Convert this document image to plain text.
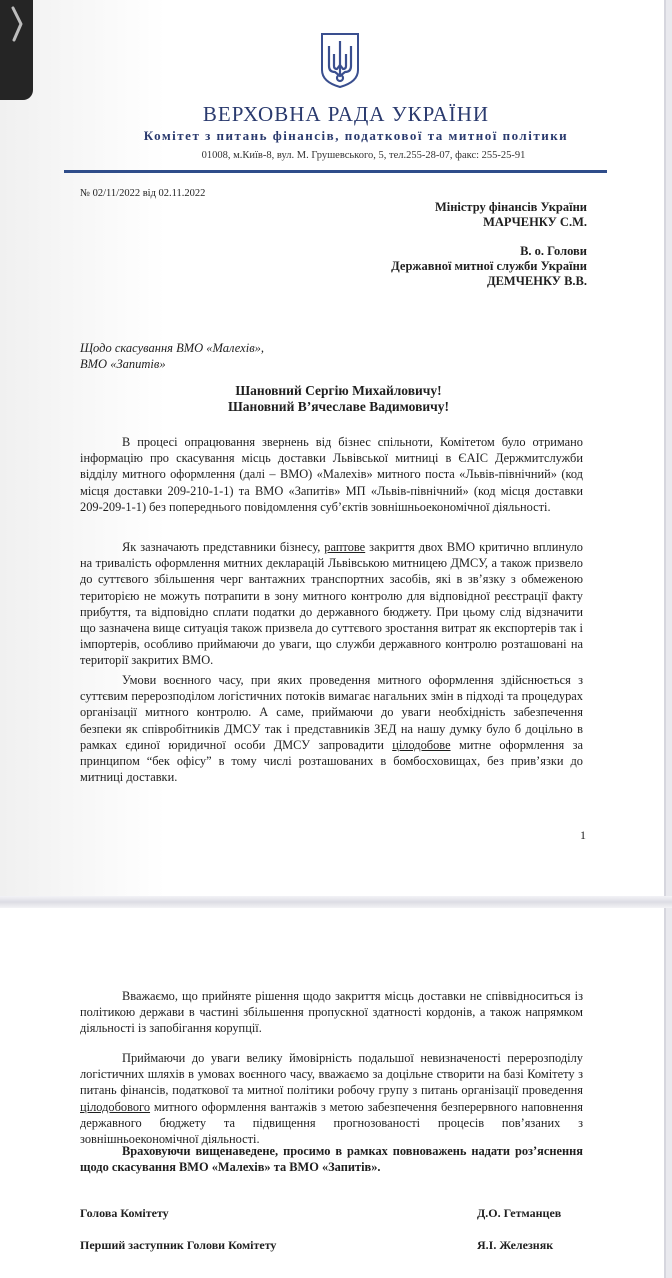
ВЕРХОВНА РАДА УКРАЇНИ
Комітет з питань фінансів, податкової та митної політики
01008, м.Київ-8, вул. М. Грушевського, 5, тел.255-28-07, факс: 255-25-91
№ 02/11/2022 від 02.11.2022
Міністру фінансів України
МАРЧЕНКУ С.М.
В. о. Голови
Державної митної служби України
ДЕМЧЕНКУ В.В.
Щодо скасування ВМО «Малехів»,
ВМО «Запитів»
Шановний Сергію Михайловичу!
Шановний В’ячеславе Вадимовичу!
В процесі опрацювання звернень від бізнес спільноти, Комітетом було отримано інформацію про скасування місць доставки Львівської митниці в ЄАІС Держмитслужби відділу митного оформлення (далі – ВМО) «Малехів» митного поста «Львів-північний» (код місця доставки 209-210-1-1) та ВМО «Запитів» МП «Львів-північний» (код місця доставки 209-209-1-1) без попереднього повідомлення суб’єктів зовнішньоекономічної діяльності.
Як зазначають представники бізнесу, раптове закриття двох ВМО критично вплинуло на тривалість оформлення митних декларацій Львівською митницею ДМСУ, а також призвело до суттєвого збільшення черг вантажних транспортних засобів, які в зв’язку з обмеженою територією не можуть потрапити в зону митного контролю для відповідної реєстрації факту прибуття, та відповідно сплати податки до державного бюджету. При цьому слід відзначити що зазначена вище ситуація також призвела до суттєвого зростання витрат як експортерів так і імпортерів, особливо приймаючи до уваги, що служби державного контролю розташовані на території закритих ВМО.
Умови воєнного часу, при яких проведення митного оформлення здійснюється з суттєвим перерозподілом логістичних потоків вимагає нагальних змін в підході та процедурах організації митного контролю. А саме, приймаючи до уваги необхідність забезпечення безпеки як співробітників ДМСУ так і представників ЗЕД на нашу думку було б доцільно в рамках єдиної юридичної особи ДМСУ запровадити цілодобове митне оформлення за принципом “бек офісу” в тому числі розташованих в бомбосховищах, без прив’язки до митниці доставки.
1
Вважаємо, що прийняте рішення щодо закриття місць доставки не співвідноситься із політикою держави в частині збільшення пропускної здатності кордонів, а також напрямком діяльності із запобігання корупції.
Приймаючи до уваги велику ймовірність подальшої невизначеності перерозподілу логістичних шляхів в умовах воєнного часу, вважаємо за доцільне створити на базі Комітету з питань фінансів, податкової та митної політики робочу групу з питань організації проведення цілодобового митного оформлення вантажів з метою забезпечення безперервного наповнення державного бюджету та підвищення прогнозованості процесів пов’язаних з зовнішньоекономічної діяльності.
Враховуючи вищенаведене, просимо в рамках повноважень надати роз’яснення щодо скасування ВМО «Малехів» та ВМО «Запитів».
Голова Комітету	Д.О. Гетманцев
Перший заступник Голови Комітету	Я.І. Железняк
